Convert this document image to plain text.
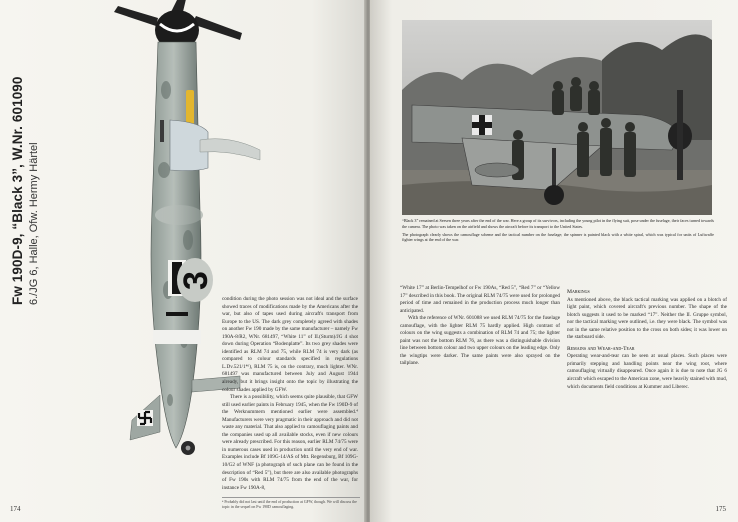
3
Fw 190D-9, “Black 3”, W.Nr. 601090 6./JG 6, Halle, Ofw. Hermy Härtel	condition during the photo session was not ideal and the surface showed traces of modifications made by the Americans after the war, but also of tapes used during aircraft's transport from Europe to the US. The dark grey completely agreed with shades on another Fw 190 made by the same manufacturer – namely Fw 190A-8/R2, WNr. 681497, “White 11” of II.(Sturm)/JG 4 shot down during Operation “Bodenplatte”. Its two grey shades were identified as RLM 74 and 75, while RLM 74 is very dark (as compared to colour standards specified in regulations L.Dv.521/1⁴⁶), RLM 75 is, on the contrary, much lighter. WNr. 681497 was manufactured between July and August 1944 already, but it brings insight onto the topic by illustrating the colour shades applied by GFW.

There is a possibility, which seems quite plausible, that GFW still used earlier paints in February 1945, when the Fw 190D-9 of the Werknummern mentioned earlier were assembled.⁴ Manufacturers were very pragmatic in their approach and did not waste any material. That also applied to camouflaging paints and the companies used up all available stocks, even if new colours were already prescribed. For this reason, earlier RLM 74/75 were in numerous cases used in production until the very end of war. Examples include Bf 109G-14/AS of Mtt. Regensburg, Bf 109G-10/G2 of WNF (a photograph of such plane can be found in the description of “Red 5”), but there are also available photographs of Fw 190s with RLM 74/75 from the end of the war, for instance Fw 190A-8,

⁴ Probably did not last until the end of production at GFW, though. We will discuss the topic in the sequel on Fw 190D camouflaging.
174

“Black 3” remained at Seesen three years after the end of the war. Here a group of its survivors, including the young pilot in the flying suit, pose under the fuselage, their faces turned towards the camera. The photo was taken on the airfield and shows the aircraft before its transport to the United States.

The photograph clearly shows the camouflage scheme and the tactical number on the fuselage; the spinner is painted black with a white spiral, which was typical for units of Luftwaffe fighter wings at the end of the war.

“White 17” at Berlin-Tempelhof or Fw 190As, “Red 5”, “Red 7” or “Yellow 17” described in this book. The original RLM 74/75 were used for prolonged period of time and remained in the production process much longer than anticipated.

With the reference of WNr. 601088 we used RLM 74/75 for the fuselage camouflage, with the lighter RLM 75 hardly applied. High contrast of colours on the wing suggests a combination of RLM 74 and 75; the lighter paint was not the bottom RLM 76, as there was a distinguishable division line between bottom colour and two upper colours on the leading edge. Only the wingtips were darker. The same paints were also sprayed on the tailplane.

Markings

As mentioned above, the black tactical marking was applied on a blotch of light paint, which covered aircraft's previous number. The shape of the blotch suggests it used to be marked “17”. Neither the II. Gruppe symbol, nor the tactical marking were outlined, i.e. they were black. The symbol was not in the same relative position to the cross on both sides; it was lower on the starboard side.

Remains and Wear-and-Tear

Operating wear-and-tear can be seen at usual places. Such places were primarily stepping and handling points near the wing root, where camouflaging virtually disappeared. Once again it is due to note that JG 6 aircraft which escaped to the American zone, were heavily stained with mud, which documents field conditions at Kummer and Liberec.

175
